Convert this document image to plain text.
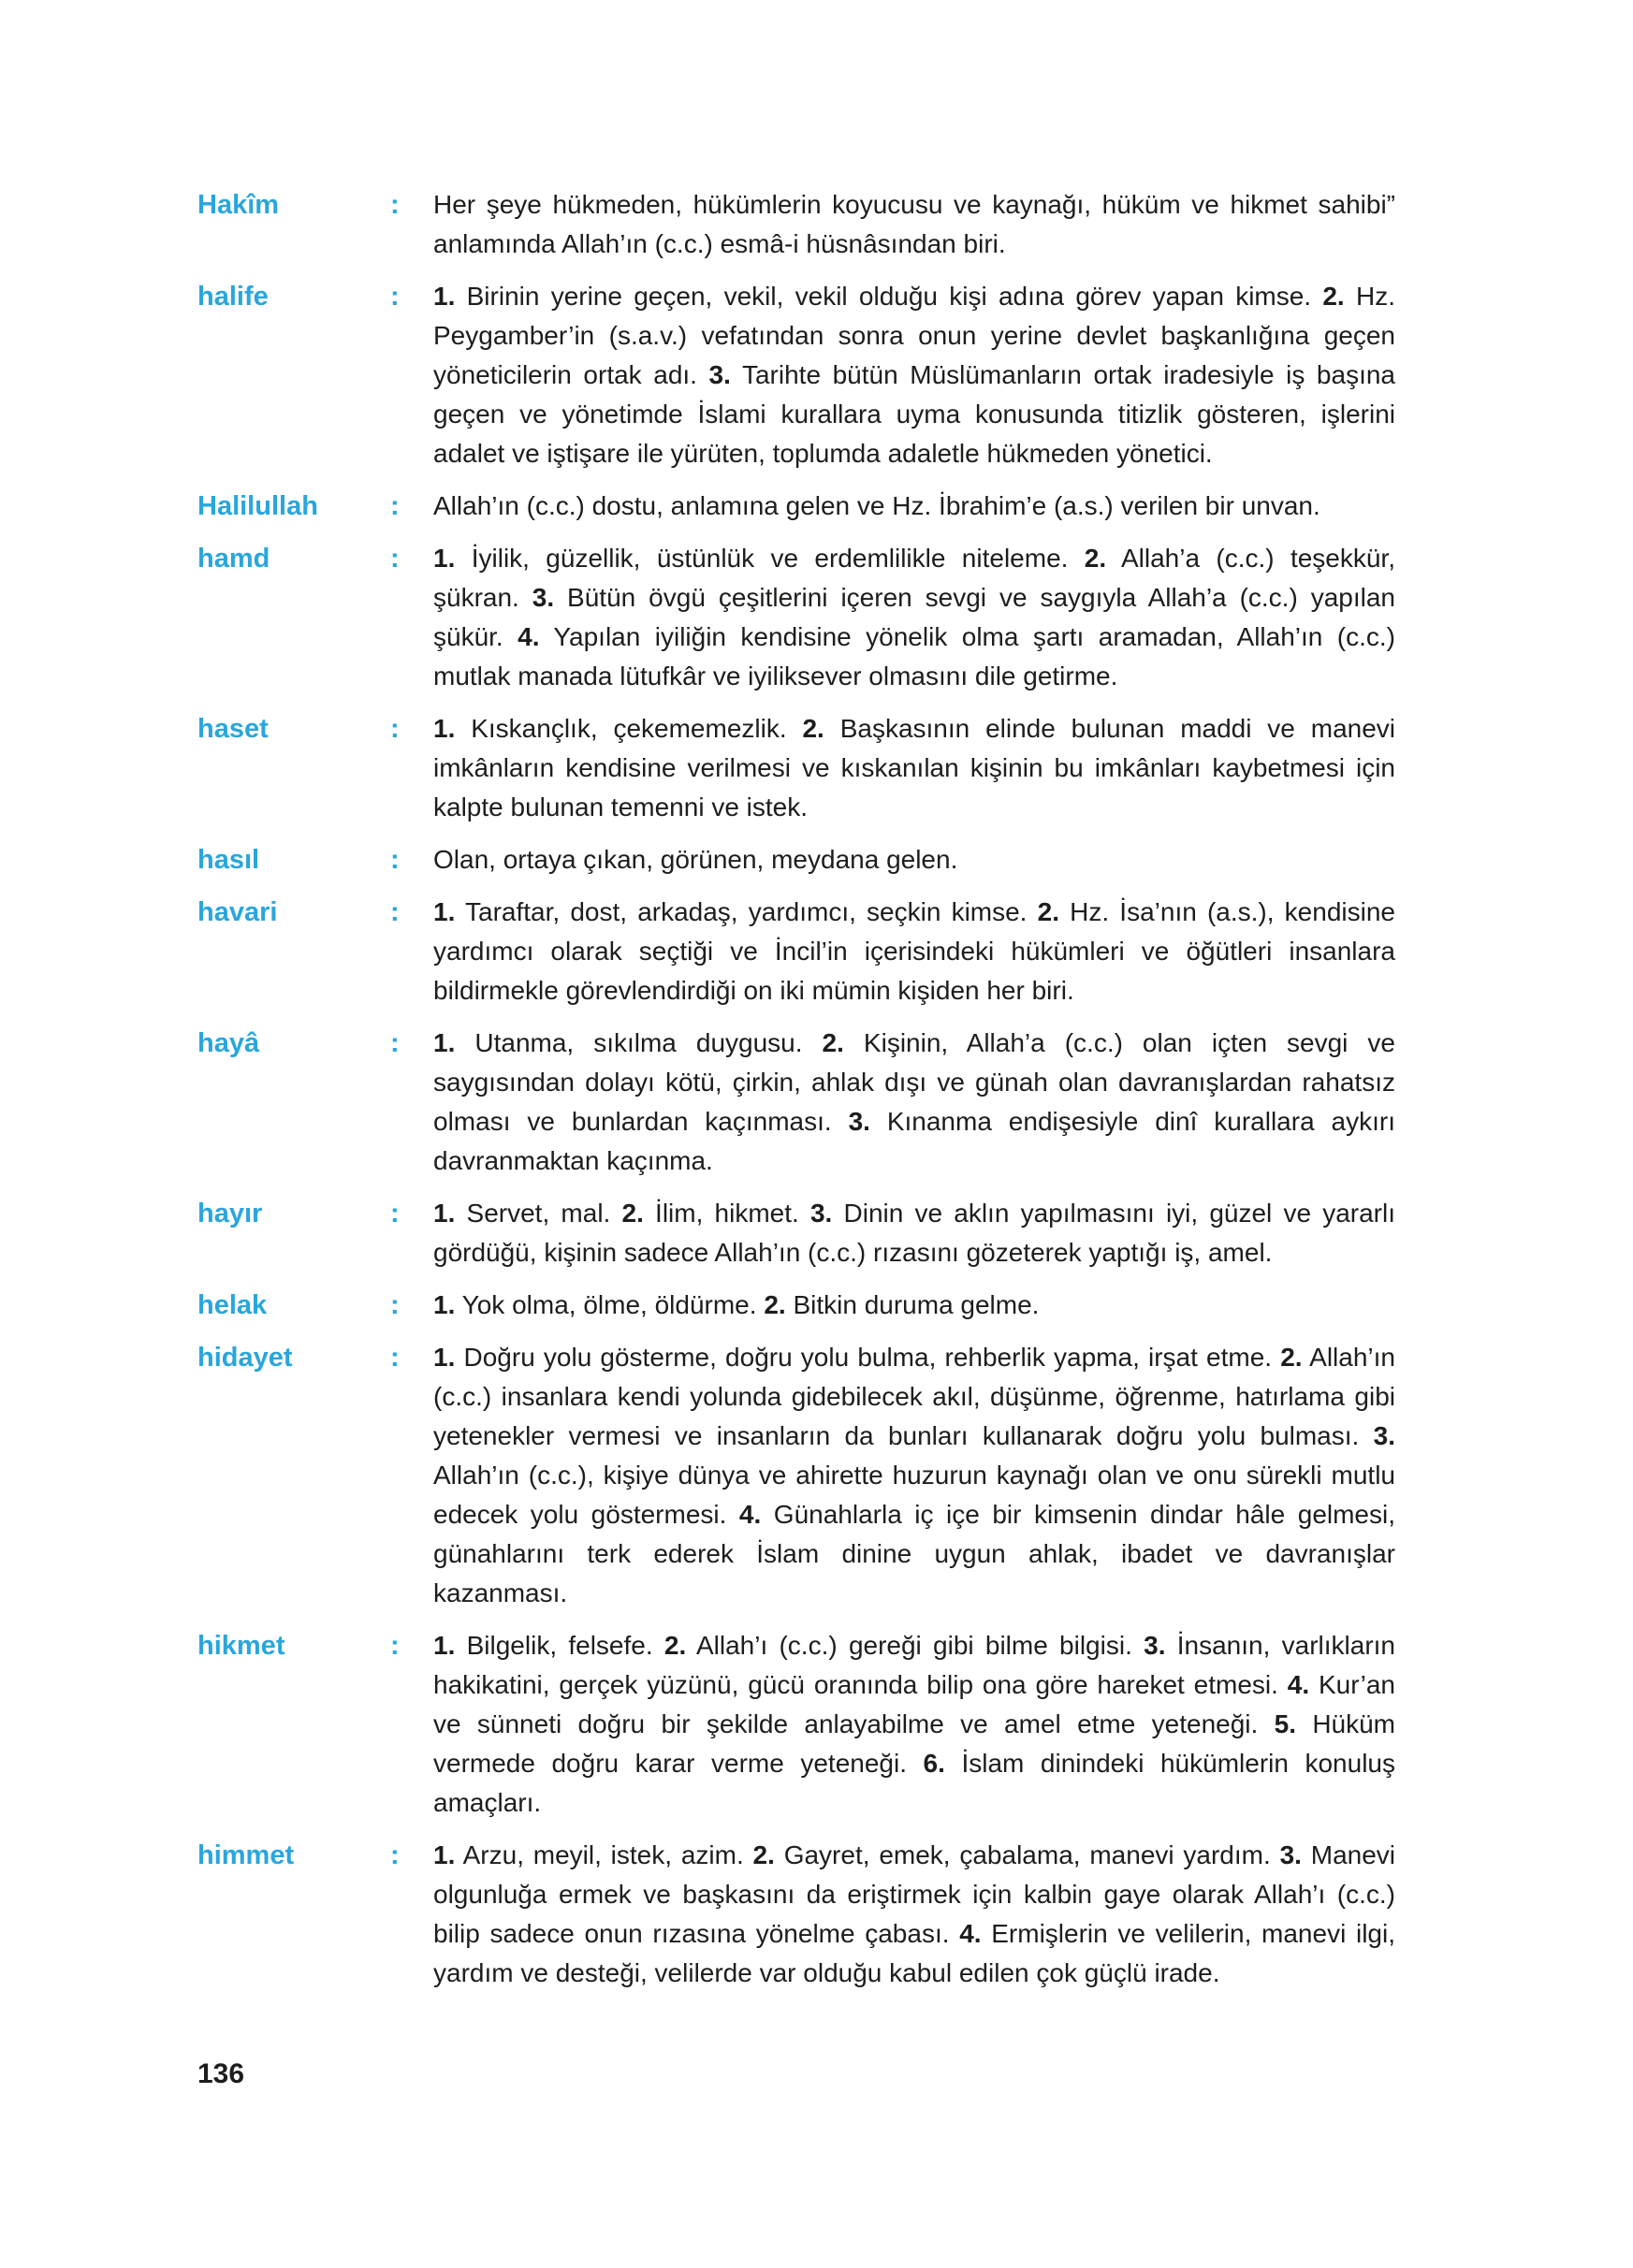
Hakîm	: Her şeye hükmeden, hükümlerin koyucusu ve kaynağı, hüküm ve hikmet sahibi” anlamında Allah’ın (c.c.) esmâ-i hüsnâsından biri.
halife	: 1. Birinin yerine geçen, vekil, vekil olduğu kişi adına görev yapan kimse. 2. Hz. Peygamber’in (s.a.v.) vefatından sonra onun yerine devlet başkanlığına geçen yöneticilerin ortak adı. 3. Tarihte bütün Müslümanların ortak iradesiyle iş başına geçen ve yönetimde İslami kurallara uyma konusunda titizlik gösteren, işlerini adalet ve iştişare ile yürüten, toplumda adaletle hükmeden yönetici.
Halilullah	: Allah’ın (c.c.) dostu, anlamına gelen ve Hz. İbrahim’e (a.s.) verilen bir unvan.
hamd	: 1. İyilik, güzellik, üstünlük ve erdemlilikle niteleme. 2. Allah’a (c.c.) teşekkür, şükran. 3. Bütün övgü çeşitlerini içeren sevgi ve saygıyla Allah’a (c.c.) yapılan şükür. 4. Yapılan iyiliğin kendisine yönelik olma şartı aramadan, Allah’ın (c.c.) mutlak manada lütufkâr ve iyiliksever olmasını dile getirme.
haset	: 1. Kıskançlık, çekememezlik. 2. Başkasının elinde bulunan maddi ve manevi imkânların kendisine verilmesi ve kıskanılan kişinin bu imkânları kaybetmesi için kalpte bulunan temenni ve istek.
hasıl	: Olan, ortaya çıkan, görünen, meydana gelen.
havari	: 1. Taraftar, dost, arkadaş, yardımcı, seçkin kimse. 2. Hz. İsa’nın (a.s.), kendisine yardımcı olarak seçtiği ve İncil’in içerisindeki hükümleri ve öğütleri insanlara bildirmekle görevlendirdiği on iki mümin kişiden her biri.
hayâ	: 1. Utanma, sıkılma duygusu. 2. Kişinin, Allah’a (c.c.) olan içten sevgi ve saygısından dolayı kötü, çirkin, ahlak dışı ve günah olan davranışlardan rahatsız olması ve bunlardan kaçınması. 3. Kınanma endişesiyle dinî kurallara aykırı davranmaktan kaçınma.
hayır	: 1. Servet, mal. 2. İlim, hikmet. 3. Dinin ve aklın yapılmasını iyi, güzel ve yararlı gördüğü, kişinin sadece Allah’ın (c.c.) rızasını gözeterek yaptığı iş, amel.
helak	: 1. Yok olma, ölme, öldürme. 2. Bitkin duruma gelme.
hidayet	: 1. Doğru yolu gösterme, doğru yolu bulma, rehberlik yapma, irşat etme. 2. Allah’ın (c.c.) insanlara kendi yolunda gidebilecek akıl, düşünme, öğrenme, hatırlama gibi yetenekler vermesi ve insanların da bunları kullanarak doğru yolu bulması. 3. Allah’ın (c.c.), kişiye dünya ve ahirette huzurun kaynağı olan ve onu sürekli mutlu edecek yolu göstermesi. 4. Günahlarla iç içe bir kimsenin dindar hâle gelmesi, günahlarını terk ederek İslam dinine uygun ahlak, ibadet ve davranışlar kazanması.
hikmet	: 1. Bilgelik, felsefe. 2. Allah’ı (c.c.) gereği gibi bilme bilgisi. 3. İnsanın, varlıkların hakikatini, gerçek yüzünü, gücü oranında bilip ona göre hareket etmesi. 4. Kur’an ve sünneti doğru bir şekilde anlayabilme ve amel etme yeteneği. 5. Hüküm vermede doğru karar verme yeteneği. 6. İslam dinindeki hükümlerin konuluş amaçları.
himmet	: 1. Arzu, meyil, istek, azim. 2. Gayret, emek, çabalama, manevi yardım. 3. Manevi olgunluğa ermek ve başkasını da eriştirmek için kalbin gaye olarak Allah’ı (c.c.) bilip sadece onun rızasına yönelme çabası. 4. Ermişlerin ve velilerin, manevi ilgi, yardım ve desteği, velilerde var olduğu kabul edilen çok güçlü irade.
136
